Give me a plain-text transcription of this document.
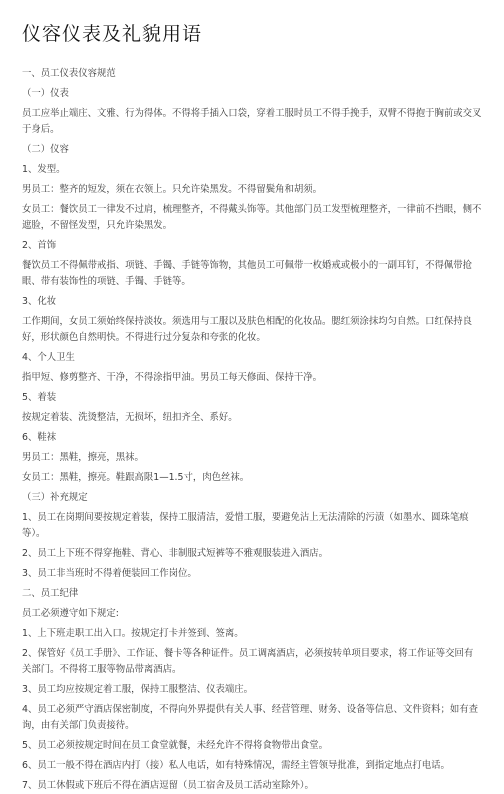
仪容仪表及礼貌用语

一、员工仪表仪容规范

（一）仪表

员工应举止端庄、文雅、行为得体。不得将手插入口袋，穿着工服时员工不得手挽手，双臂不得抱于胸前或交叉于身后。

（二）仪容

1、发型。

男员工：整齐的短发，须在衣领上。只允许染黑发。不得留鬓角和胡须。

女员工：餐饮员工一律发不过肩，梳理整齐，不得戴头饰等。其他部门员工发型梳理整齐，一律前不挡眼，侧不遮脸，不留怪发型，只允许染黑发。

2、首饰

餐饮员工不得佩带戒指、项链、手镯、手链等饰物，其他员工可佩带一枚婚戒或极小的一副耳钉，不得佩带抢眼、带有装饰性的项链、手镯、手链等。

3、化妆

工作期间，女员工须始终保持淡妆。须选用与工服以及肤色相配的化妆品。腮红须涂抹均匀自然。口红保持良好，形状颜色自然明快。不得进行过分复杂和夸张的化妆。

4、个人卫生

指甲短、修剪整齐、干净，不得涂指甲油。男员工每天修面、保持干净。

5、着装

按规定着装、洗烫整洁，无损坏，纽扣齐全、系好。

6、鞋袜

男员工：黑鞋，擦亮，黑袜。

女员工：黑鞋，擦亮。鞋跟高限1—1.5寸，肉色丝袜。

（三）补充规定

1、员工在岗期间要按规定着装，保持工服清洁，爱惜工服，要避免沾上无法清除的污渍（如墨水、圆珠笔痕等）。

2、员工上下班不得穿拖鞋、背心、非制服式短裤等不雅观服装进入酒店。

3、员工非当班时不得着便装回工作岗位。

二、员工纪律

员工必须遵守如下规定:

1、上下班走职工出入口。按规定打卡并签到、签离。

2、保管好《员工手册》、工作证、餐卡等各种证件。员工调离酒店，必须按转单项目要求，将工作证等交回有关部门。不得将工服等物品带离酒店。

3、员工均应按规定着工服，保持工服整洁、仪表端庄。

4、员工必须严守酒店保密制度，不得向外界提供有关人事、经营管理、财务、设备等信息、文件资料；如有查询，由有关部门负责接待。

5、员工必须按规定时间在员工食堂就餐，未经允许不得将食物带出食堂。

6、员工一般不得在酒店内打（接）私人电话，如有特殊情况，需经主管领导批准，到指定地点打电话。

7、员工休假或下班后不得在酒店逗留（员工宿舍及员工活动室除外）。
